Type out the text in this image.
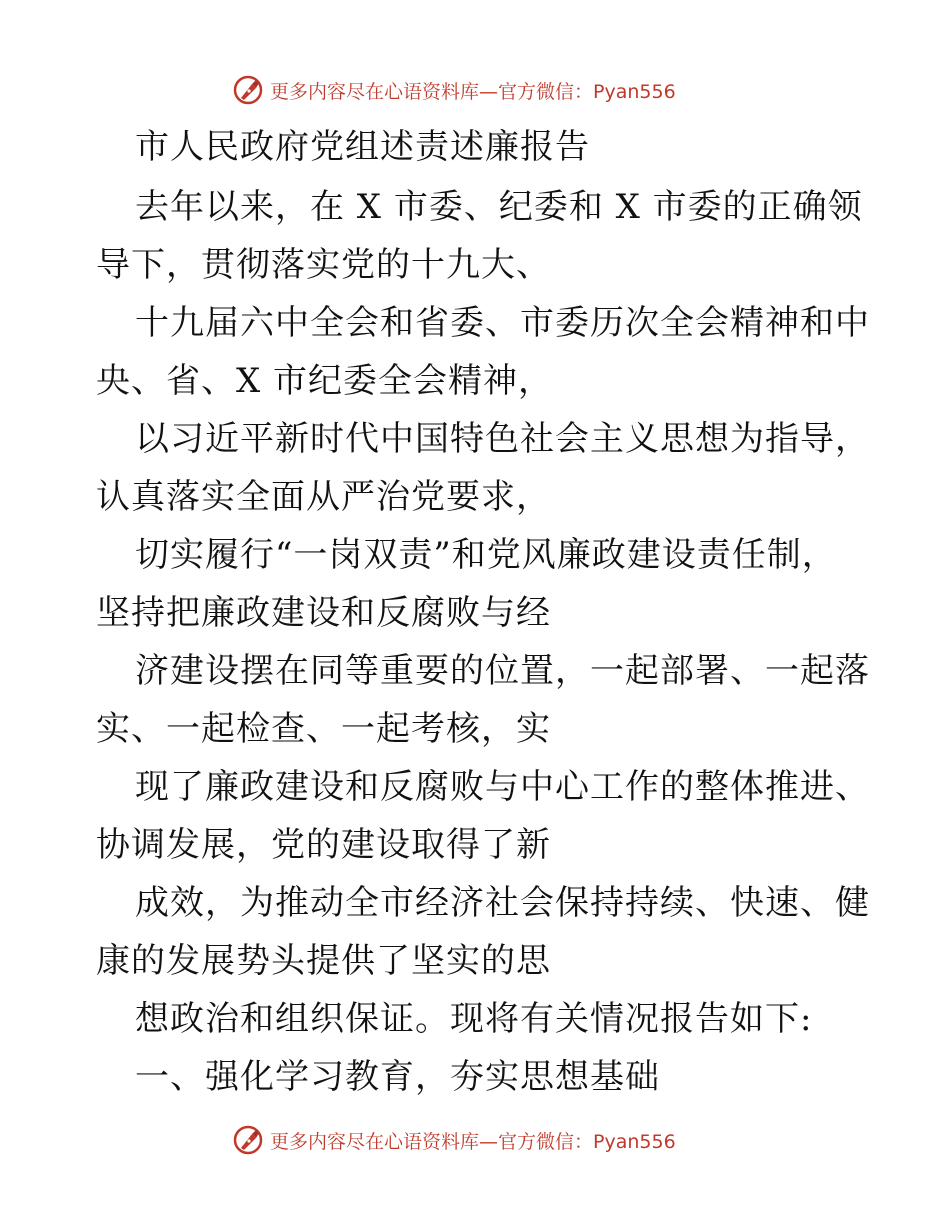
更多内容尽在心语资料库—官方微信：Pyan556
市人民政府党组述责述廉报告
去年以来，在 X 市委、纪委和 X 市委的正确领
导下，贯彻落实党的十九大、
十九届六中全会和省委、市委历次全会精神和中
央、省、X 市纪委全会精神，
以习近平新时代中国特色社会主义思想为指导，
认真落实全面从严治党要求，
切实履行“一岗双责”和党风廉政建设责任制，
坚持把廉政建设和反腐败与经
济建设摆在同等重要的位置，一起部署、一起落
实、一起检查、一起考核，实
现了廉政建设和反腐败与中心工作的整体推进、
协调发展，党的建设取得了新
成效，为推动全市经济社会保持持续、快速、健
康的发展势头提供了坚实的思
想政治和组织保证。现将有关情况报告如下:
一、强化学习教育，夯实思想基础
更多内容尽在心语资料库—官方微信：Pyan556
